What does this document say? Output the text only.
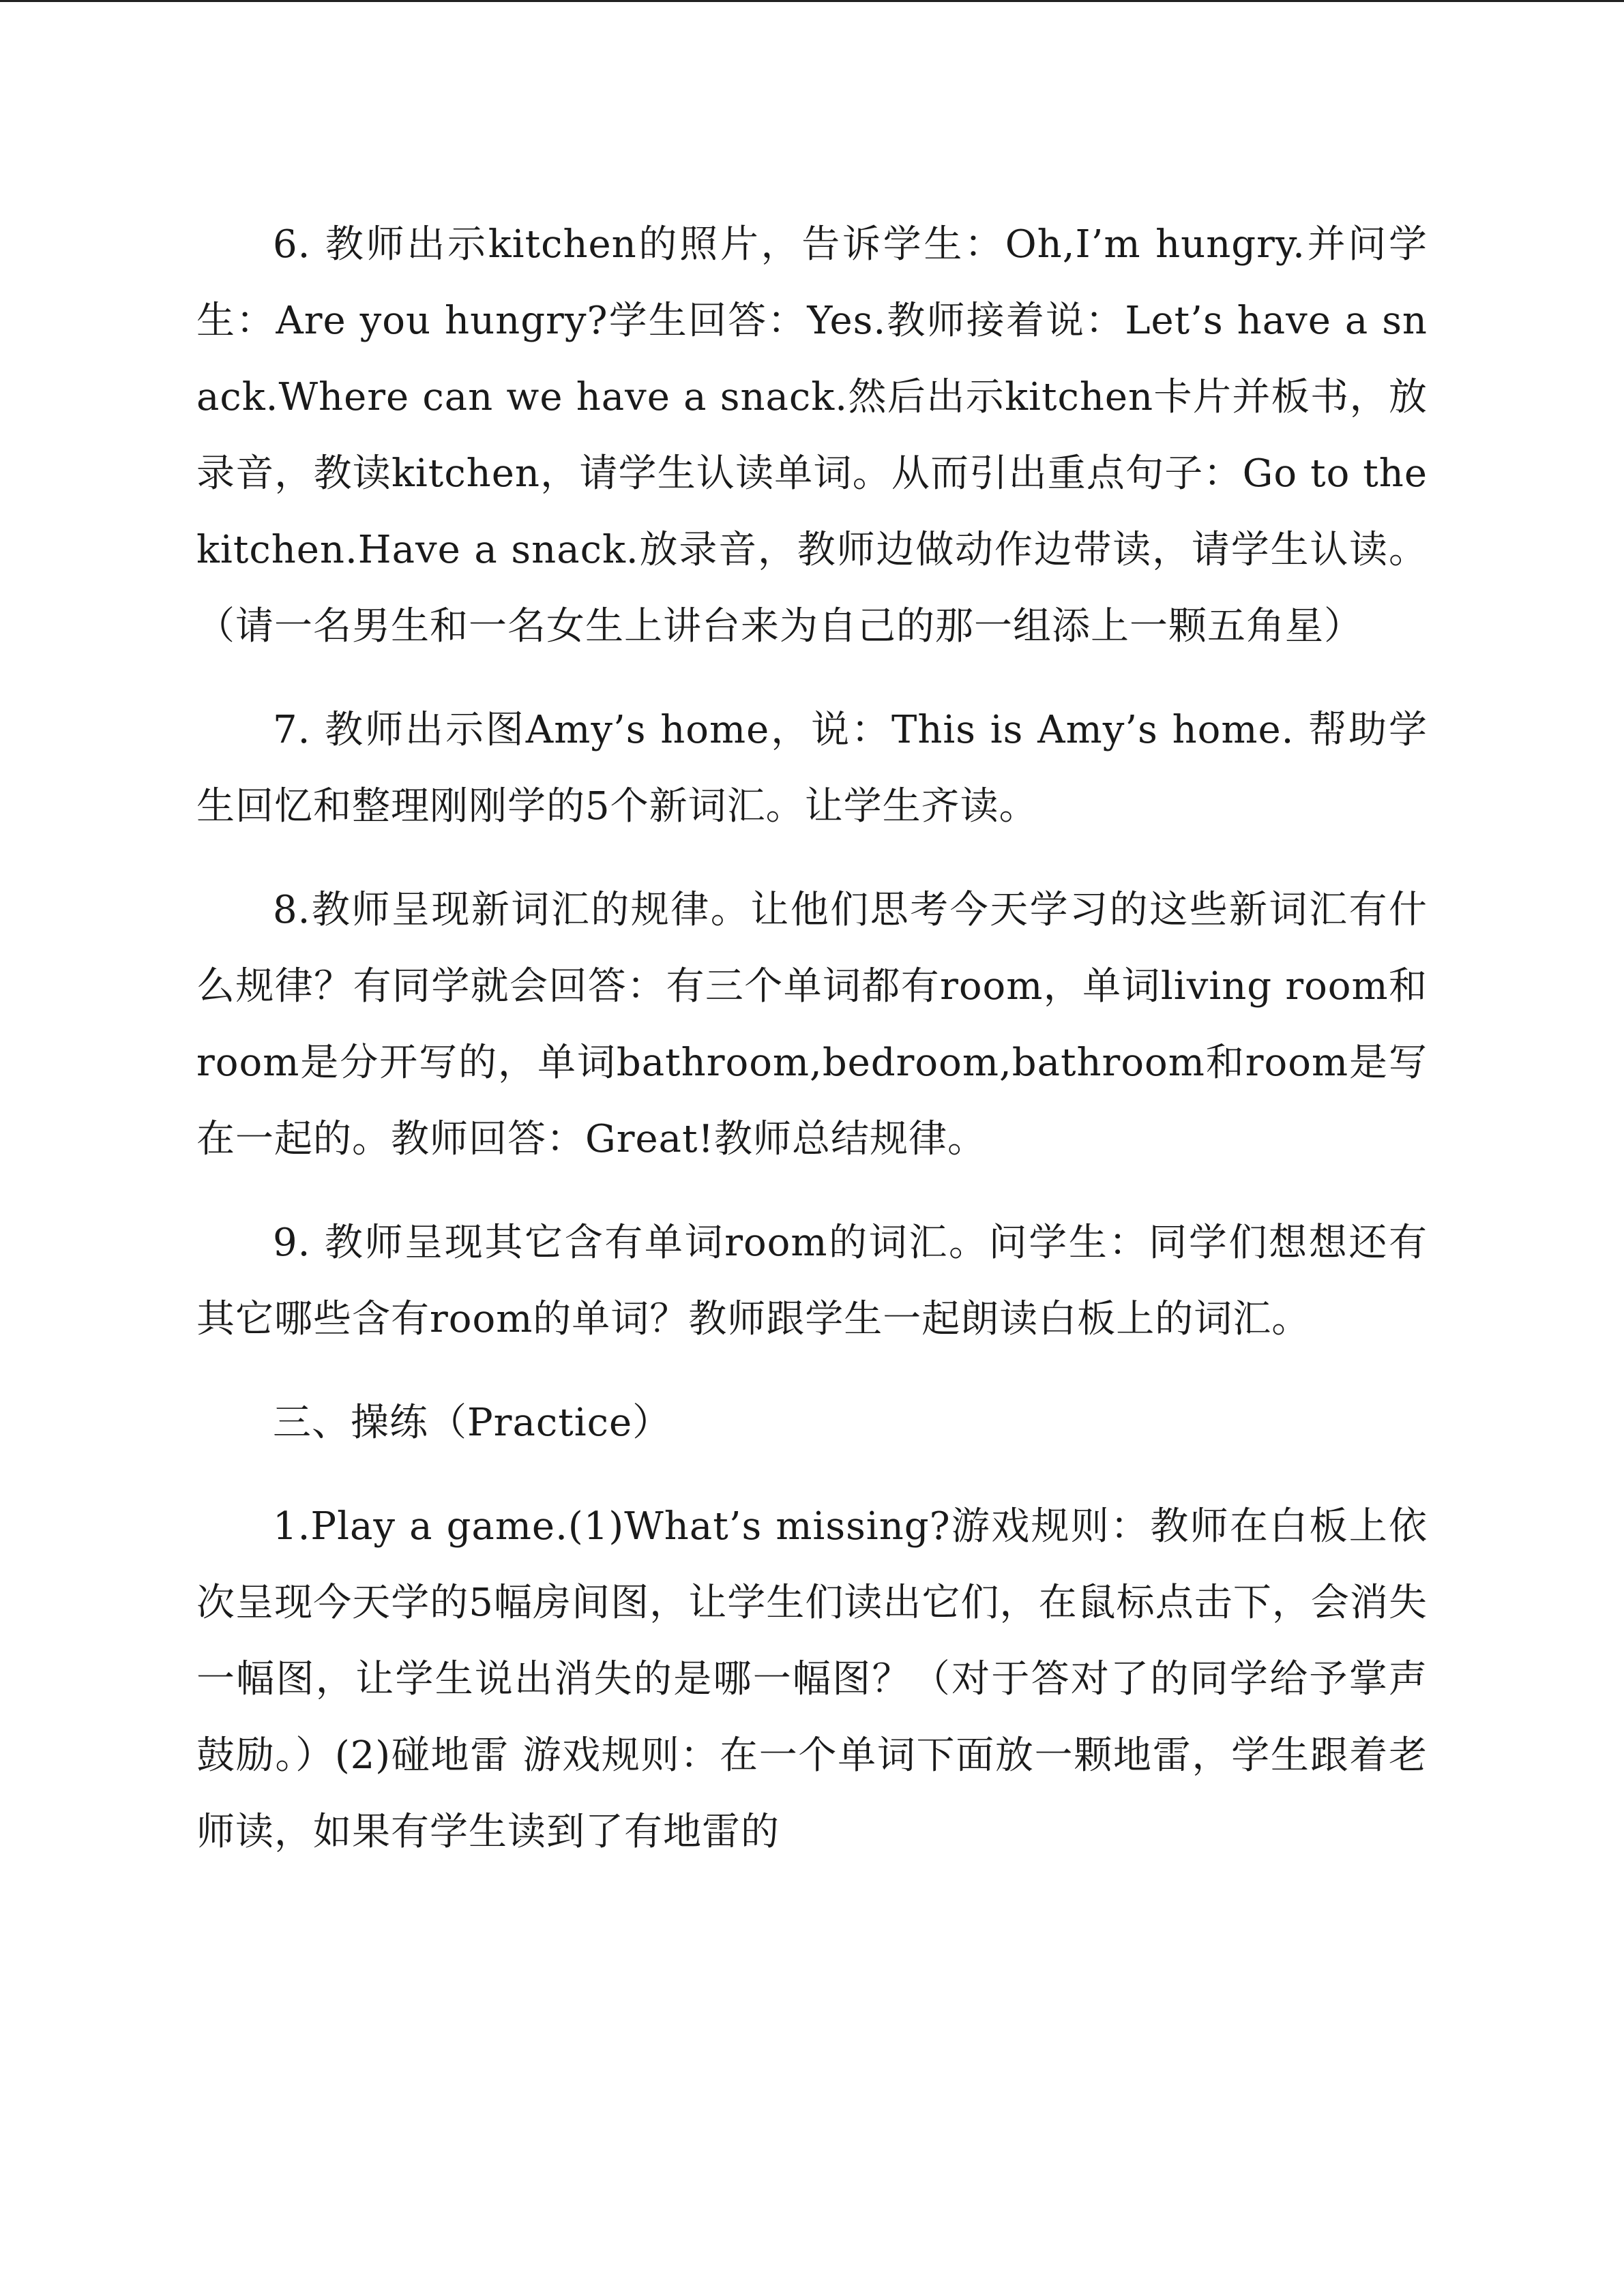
6. 教师出示kitchen的照片，告诉学生：Oh,I’m hungry.并问学生：Are you hungry?学生回答：Yes.教师接着说：Let’s have a snack.Where can we have a snack.然后出示kitchen卡片并板书，放录音，教读kitchen，请学生认读单词。从而引出重点句子：Go to the kitchen.Have a snack.放录音，教师边做动作边带读，请学生认读。（请一名男生和一名女生上讲台来为自己的那一组添上一颗五角星）

7. 教师出示图Amy’s home，说：This is Amy’s home. 帮助学生回忆和整理刚刚学的5个新词汇。让学生齐读。

8.教师呈现新词汇的规律。让他们思考今天学习的这些新词汇有什么规律？有同学就会回答：有三个单词都有room，单词living room和room是分开写的，单词bathroom,bedroom,bathroom和room是写在一起的。教师回答：Great!教师总结规律。

9. 教师呈现其它含有单词room的词汇。问学生：同学们想想还有其它哪些含有room的单词？教师跟学生一起朗读白板上的词汇。

三、操练（Practice）

1.Play a game.(1)What’s missing?游戏规则：教师在白板上依次呈现今天学的5幅房间图，让学生们读出它们，在鼠标点击下，会消失一幅图，让学生说出消失的是哪一幅图？（对于答对了的同学给予掌声鼓励。）(2)碰地雷 游戏规则：在一个单词下面放一颗地雷，学生跟着老师读，如果有学生读到了有地雷的
